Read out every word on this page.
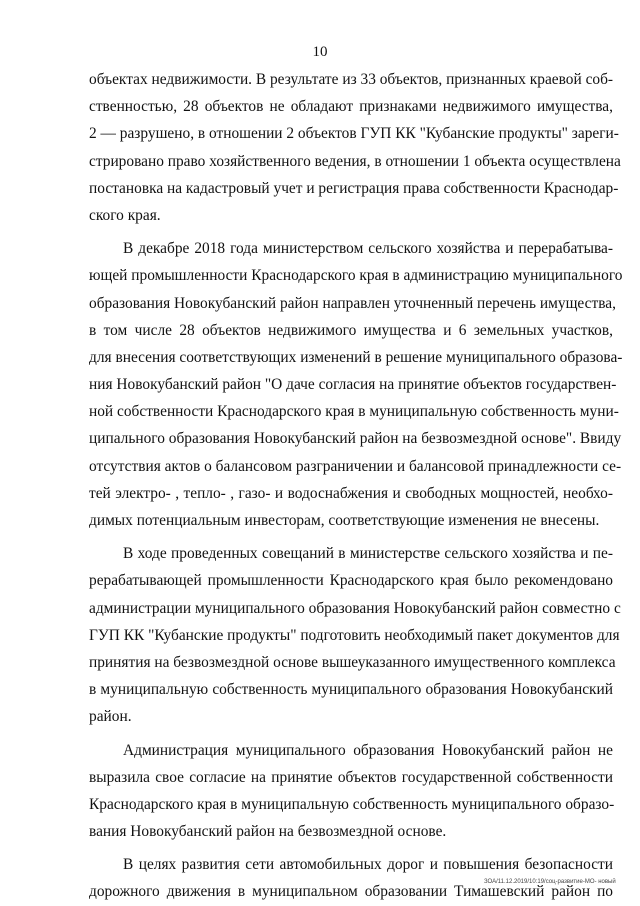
10
объектах недвижимости. В результате из 33 объектов, признанных краевой соб-
ственностью, 28 объектов не обладают признаками недвижимого имущества,
2 — разрушено, в отношении 2 объектов ГУП КК "Кубанские продукты" зареги-
стрировано право хозяйственного ведения, в отношении 1 объекта осуществлена
постановка на кадастровый учет и регистрация права собственности Краснодар-
ского края.
В декабре 2018 года министерством сельского хозяйства и перерабатыва-
ющей промышленности Краснодарского края в администрацию муниципального
образования Новокубанский район направлен уточненный перечень имущества,
в том числе 28 объектов недвижимого имущества и 6 земельных участков,
для внесения соответствующих изменений в решение муниципального образова-
ния Новокубанский район "О даче согласия на принятие объектов государствен-
ной собственности Краснодарского края в муниципальную собственность муни-
ципального образования Новокубанский район на безвозмездной основе". Ввиду
отсутствия актов о балансовом разграничении и балансовой принадлежности се-
тей электро- , тепло- , газо- и водоснабжения и свободных мощностей, необхо-
димых потенциальным инвесторам, соответствующие изменения не внесены.
В ходе проведенных совещаний в министерстве сельского хозяйства и пе-
рерабатывающей промышленности Краснодарского края было рекомендовано
администрации муниципального образования Новокубанский район совместно с
ГУП КК "Кубанские продукты" подготовить необходимый пакет документов для
принятия на безвозмездной основе вышеуказанного имущественного комплекса
в муниципальную собственность муниципального образования Новокубанский
район.
Администрация муниципального образования Новокубанский район не
выразила свое согласие на принятие объектов государственной собственности
Краснодарского края в муниципальную собственность муниципального образо-
вания Новокубанский район на безвозмездной основе.
В целях развития сети автомобильных дорог и повышения безопасности
дорожного движения в муниципальном образовании Тимашевский район по
ЗОА/11.12.2019/10:19/соц-развитие-МО- новый
